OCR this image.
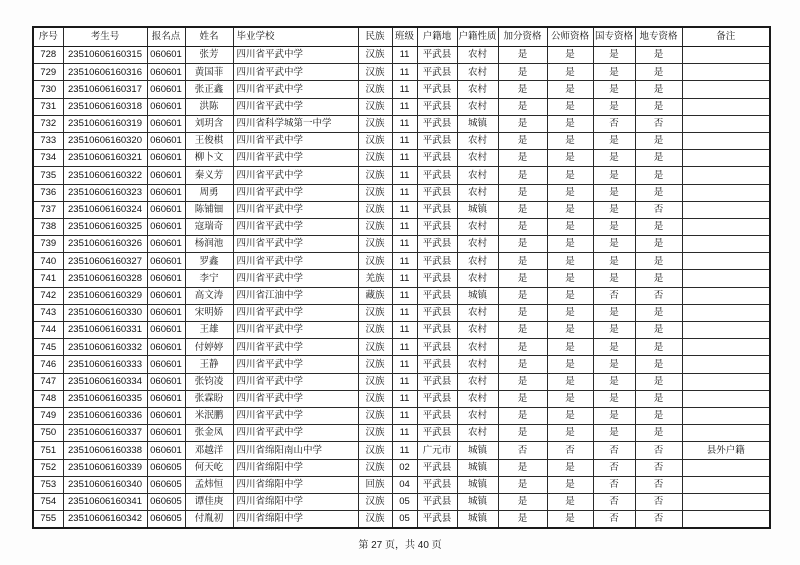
序号	考生号	报名点	姓名	毕业学校	民族	班级	户籍地	户籍性质	加分资格	公师资格	国专资格	地专资格	备注
728	23510606160315	060601	张芳	四川省平武中学	汉族	11	平武县	农村	是	是	是	是	
729	23510606160316	060601	黄国菲	四川省平武中学	汉族	11	平武县	农村	是	是	是	是	
730	23510606160317	060601	张正鑫	四川省平武中学	汉族	11	平武县	农村	是	是	是	是	
731	23510606160318	060601	洪陈	四川省平武中学	汉族	11	平武县	农村	是	是	是	是	
732	23510606160319	060601	刘玥含	四川省科学城第一中学	汉族	11	平武县	城镇	是	是	否	否	
733	23510606160320	060601	王俊棋	四川省平武中学	汉族	11	平武县	农村	是	是	是	是	
734	23510606160321	060601	柳卜文	四川省平武中学	汉族	11	平武县	农村	是	是	是	是	
735	23510606160322	060601	秦义芳	四川省平武中学	汉族	11	平武县	农村	是	是	是	是	
736	23510606160323	060601	周勇	四川省平武中学	汉族	11	平武县	农村	是	是	是	是	
737	23510606160324	060601	陈铺钿	四川省平武中学	汉族	11	平武县	城镇	是	是	是	否	
738	23510606160325	060601	寇瑞奇	四川省平武中学	汉族	11	平武县	农村	是	是	是	是	
739	23510606160326	060601	杨润池	四川省平武中学	汉族	11	平武县	农村	是	是	是	是	
740	23510606160327	060601	罗鑫	四川省平武中学	汉族	11	平武县	农村	是	是	是	是	
741	23510606160328	060601	李宁	四川省平武中学	羌族	11	平武县	农村	是	是	是	是	
742	23510606160329	060601	高文涛	四川省江油中学	藏族	11	平武县	城镇	是	是	否	否	
743	23510606160330	060601	宋明娇	四川省平武中学	汉族	11	平武县	农村	是	是	是	是	
744	23510606160331	060601	王雄	四川省平武中学	汉族	11	平武县	农村	是	是	是	是	
745	23510606160332	060601	付婷婷	四川省平武中学	汉族	11	平武县	农村	是	是	是	是	
746	23510606160333	060601	王静	四川省平武中学	汉族	11	平武县	农村	是	是	是	是	
747	23510606160334	060601	张钧凌	四川省平武中学	汉族	11	平武县	农村	是	是	是	是	
748	23510606160335	060601	张霖盼	四川省平武中学	汉族	11	平武县	农村	是	是	是	是	
749	23510606160336	060601	米泯鹏	四川省平武中学	汉族	11	平武县	农村	是	是	是	是	
750	23510606160337	060601	张金凤	四川省平武中学	汉族	11	平武县	农村	是	是	是	是	
751	23510606160338	060601	邓越洋	四川省绵阳南山中学	汉族	11	广元市	城镇	否	否	否	否	县外户籍
752	23510606160339	060605	何天屹	四川省绵阳中学	汉族	02	平武县	城镇	是	是	否	否	
753	23510606160340	060605	孟炜恒	四川省绵阳中学	回族	04	平武县	城镇	是	是	否	否	
754	23510606160341	060605	谭佳庚	四川省绵阳中学	汉族	05	平武县	城镇	是	是	否	否	
755	23510606160342	060605	付胤初	四川省绵阳中学	汉族	05	平武县	城镇	是	是	否	否	
第 27 页，共 40 页
